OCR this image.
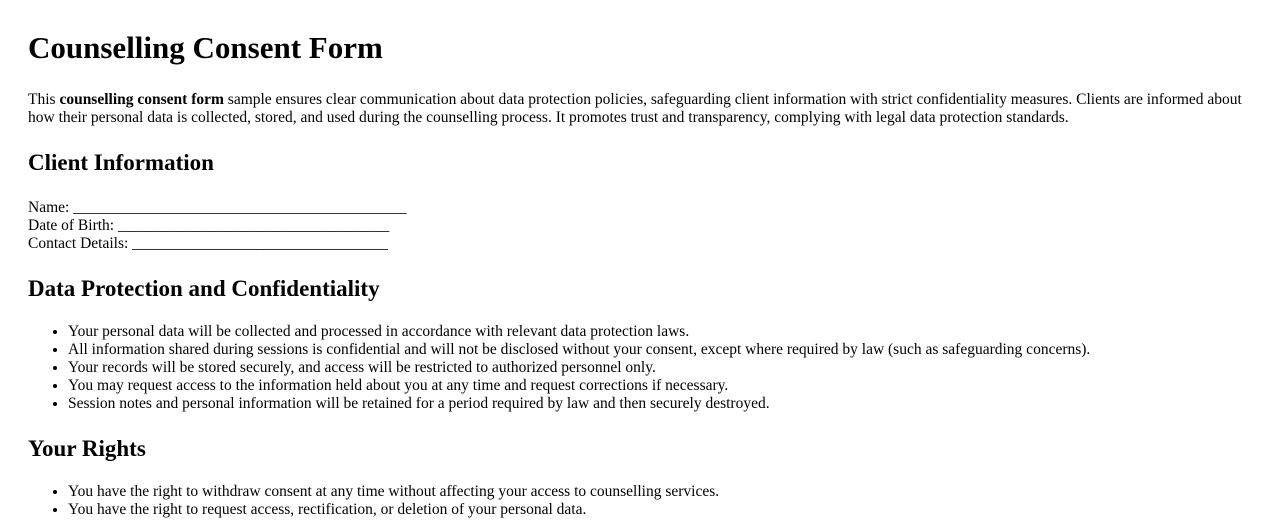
Counselling Consent Form

This counselling consent form sample ensures clear communication about data protection policies, safeguarding client information with strict confidentiality measures. Clients are informed about how their personal data is collected, stored, and used during the counselling process. It promotes trust and transparency, complying with legal data protection standards.

Client Information
Name: ___________________________________________
Date of Birth: ___________________________________
Contact Details: _________________________________
Data Protection and Confidentiality
• Your personal data will be collected and processed in accordance with relevant data protection laws.
• All information shared during sessions is confidential and will not be disclosed without your consent, except where required by law (such as safeguarding concerns).
• Your records will be stored securely, and access will be restricted to authorized personnel only.
• You may request access to the information held about you at any time and request corrections if necessary.
• Session notes and personal information will be retained for a period required by law and then securely destroyed.
Your Rights
• You have the right to withdraw consent at any time without affecting your access to counselling services.
• You have the right to request access, rectification, or deletion of your personal data.
